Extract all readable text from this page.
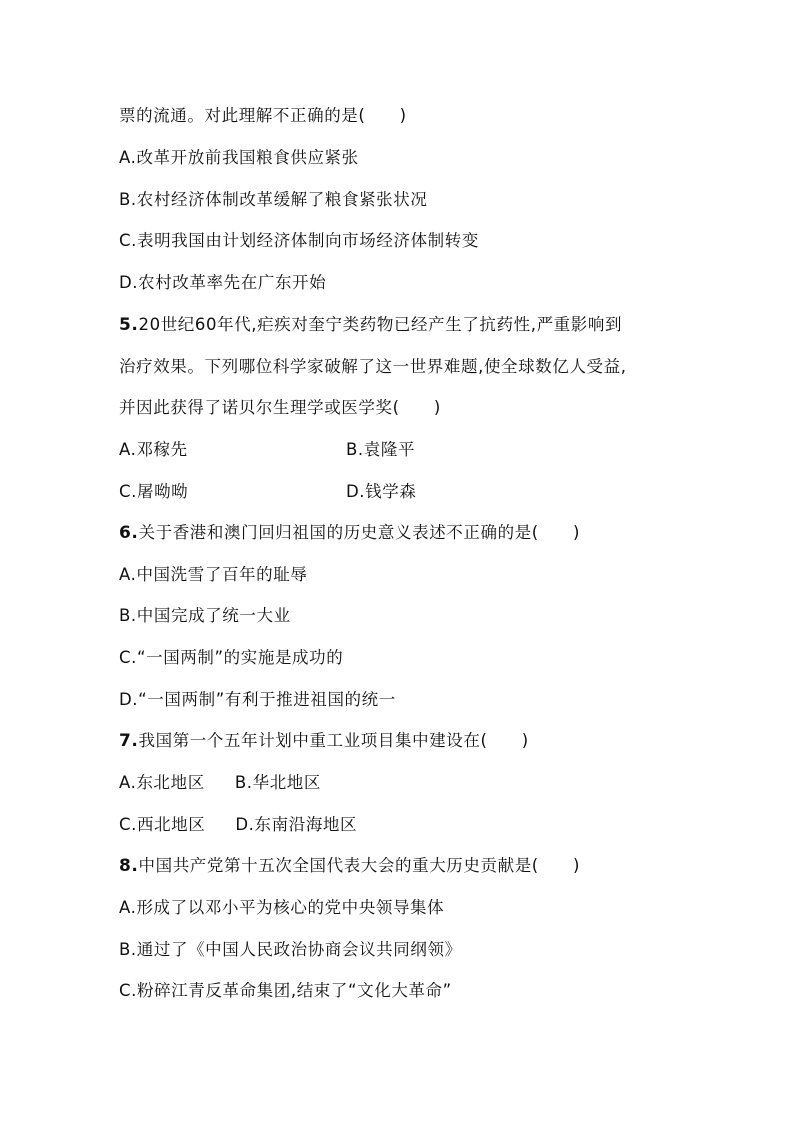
票的流通。对此理解不正确的是(　　)
A.改革开放前我国粮食供应紧张
B.农村经济体制改革缓解了粮食紧张状况
C.表明我国由计划经济体制向市场经济体制转变
D.农村改革率先在广东开始
5.20世纪60年代,疟疾对奎宁类药物已经产生了抗药性,严重影响到
治疗效果。下列哪位科学家破解了这一世界难题,使全球数亿人受益,
并因此获得了诺贝尔生理学或医学奖(　　)
A.邓稼先	B.袁隆平
C.屠呦呦	D.钱学森
6.关于香港和澳门回归祖国的历史意义表述不正确的是(　　)
A.中国洗雪了百年的耻辱
B.中国完成了统一大业
C.“一国两制”的实施是成功的
D.“一国两制”有利于推进祖国的统一
7.我国第一个五年计划中重工业项目集中建设在(　　)
A.东北地区 B.华北地区
C.西北地区 D.东南沿海地区
8.中国共产党第十五次全国代表大会的重大历史贡献是(　　)
A.形成了以邓小平为核心的党中央领导集体
B.通过了《中国人民政治协商会议共同纲领》
C.粉碎江青反革命集团,结束了“文化大革命”
